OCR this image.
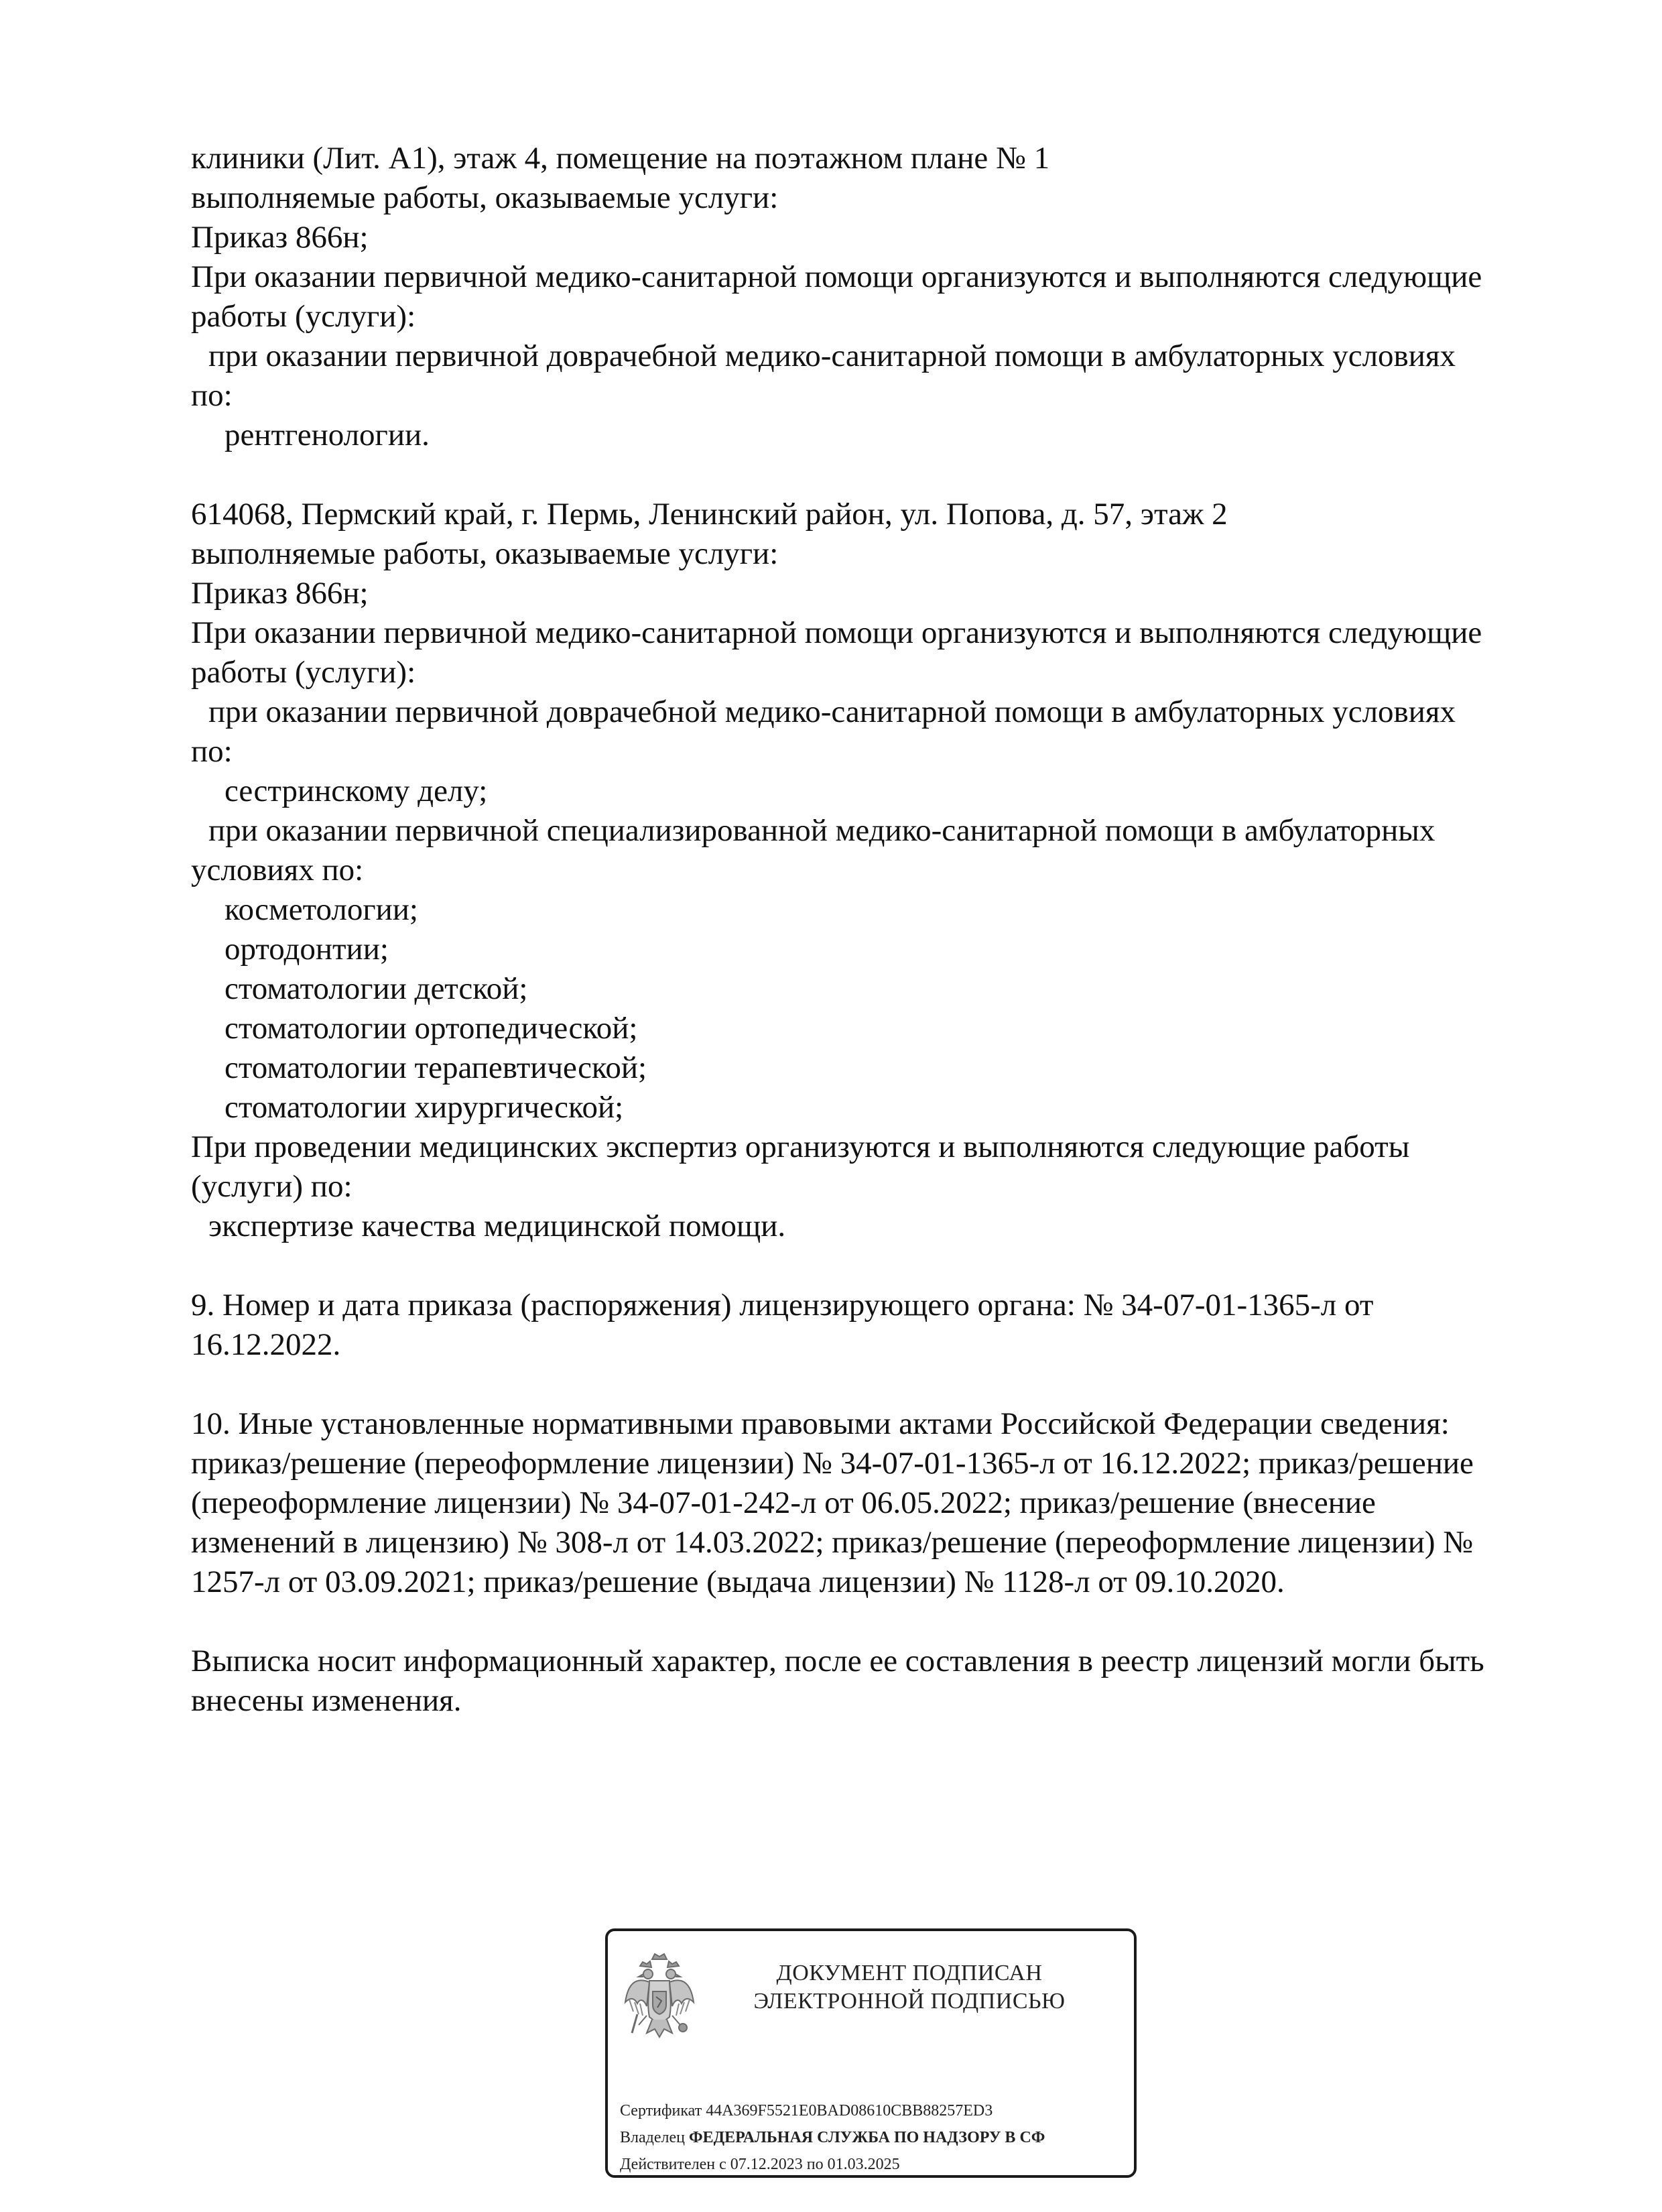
клиники (Лит. А1), этаж 4, помещение на поэтажном плане № 1
выполняемые работы, оказываемые услуги:
Приказ 866н;
При оказании первичной медико-санитарной помощи организуются и выполняются следующие
работы (услуги):
при оказании первичной доврачебной медико-санитарной помощи в амбулаторных условиях
по:
рентгенологии.
614068, Пермский край, г. Пермь, Ленинский район, ул. Попова, д. 57, этаж 2
выполняемые работы, оказываемые услуги:
Приказ 866н;
При оказании первичной медико-санитарной помощи организуются и выполняются следующие
работы (услуги):
при оказании первичной доврачебной медико-санитарной помощи в амбулаторных условиях
по:
сестринскому делу;
при оказании первичной специализированной медико-санитарной помощи в амбулаторных
условиях по:
косметологии;
ортодонтии;
стоматологии детской;
стоматологии ортопедической;
стоматологии терапевтической;
стоматологии хирургической;
При проведении медицинских экспертиз организуются и выполняются следующие работы
(услуги) по:
экспертизе качества медицинской помощи.
9. Номер и дата приказа (распоряжения) лицензирующего органа: № 34-07-01-1365-л от
16.12.2022.
10. Иные установленные нормативными правовыми актами Российской Федерации сведения:
приказ/решение (переоформление лицензии) № 34-07-01-1365-л от 16.12.2022; приказ/решение
(переоформление лицензии) № 34-07-01-242-л от 06.05.2022; приказ/решение (внесение
изменений в лицензию) № 308-л от 14.03.2022; приказ/решение (переоформление лицензии) №
1257-л от 03.09.2021; приказ/решение (выдача лицензии) № 1128-л от 09.10.2020.
Выписка носит информационный характер, после ее составления в реестр лицензий могли быть
внесены изменения.
ДОКУМЕНТ ПОДПИСАН
ЭЛЕКТРОННОЙ ПОДПИСЬЮ
Сертификат 44A369F5521E0BAD08610CBB88257ED3
Владелец ФЕДЕРАЛЬНАЯ СЛУЖБА ПО НАДЗОРУ В СФ
Действителен с 07.12.2023 по 01.03.2025
